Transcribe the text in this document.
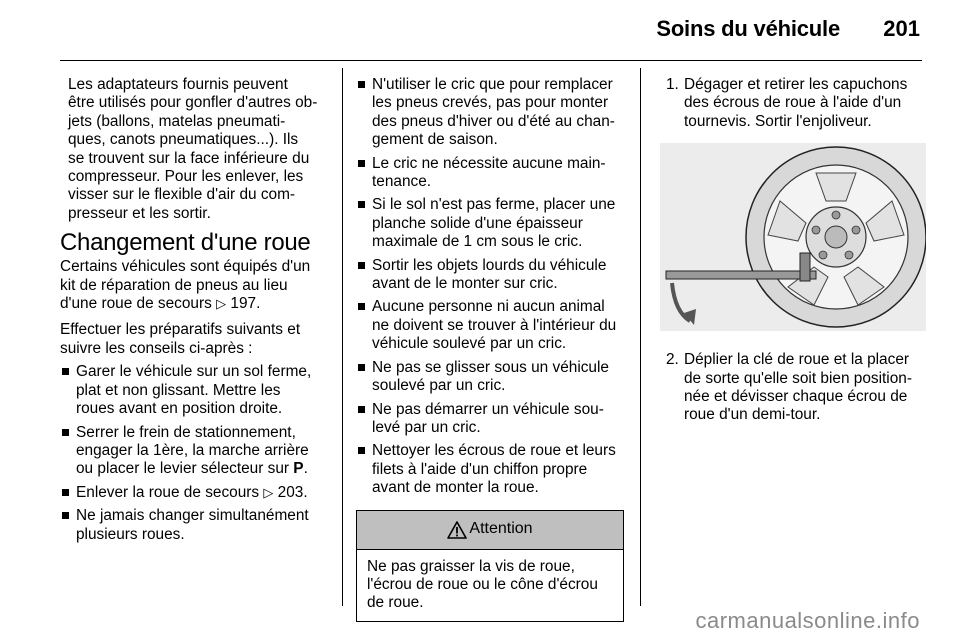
Soins du véhicule 201

Les adaptateurs fournis peuvent

être utilisés pour gonfler d'autres ob-

jets (ballons, matelas pneumati-

ques, canots pneumatiques...). Ils

se trouvent sur la face inférieure du

compresseur. Pour les enlever, les

visser sur le flexible d'air du com-

presseur et les sortir.

Changement d'une roue

Certains véhicules sont équipés d'un

kit de réparation de pneus au lieu

d'une roue de secours ▷ 197.

Effectuer les préparatifs suivants et

suivre les conseils ci-après :

Garer le véhicule sur un sol ferme,

plat et non glissant. Mettre les

roues avant en position droite.

Serrer le frein de stationnement,

engager la 1ère, la marche arrière

ou placer le levier sélecteur sur P.

Enlever la roue de secours ▷ 203.

Ne jamais changer simultanément

plusieurs roues.

N'utiliser le cric que pour remplacer

les pneus crevés, pas pour monter

des pneus d'hiver ou d'été au chan-

gement de saison.

Le cric ne nécessite aucune main-

tenance.

Si le sol n'est pas ferme, placer une

planche solide d'une épaisseur

maximale de 1 cm sous le cric.

Sortir les objets lourds du véhicule

avant de le monter sur cric.

Aucune personne ni aucun animal

ne doivent se trouver à l'intérieur du

véhicule soulevé par un cric.

Ne pas se glisser sous un véhicule

soulevé par un cric.

Ne pas démarrer un véhicule sou-

levé par un cric.

Nettoyer les écrous de roue et leurs

filets à l'aide d'un chiffon propre

avant de monter la roue.

Attention

Ne pas graisser la vis de roue,

l'écrou de roue ou le cône d'écrou

de roue.

1. Dégager et retirer les capuchons

des écrous de roue à l'aide d'un

tournevis. Sortir l'enjoliveur.

2. Déplier la clé de roue et la placer

de sorte qu'elle soit bien position-

née et dévisser chaque écrou de

roue d'un demi-tour.

carmanualsonline.info
